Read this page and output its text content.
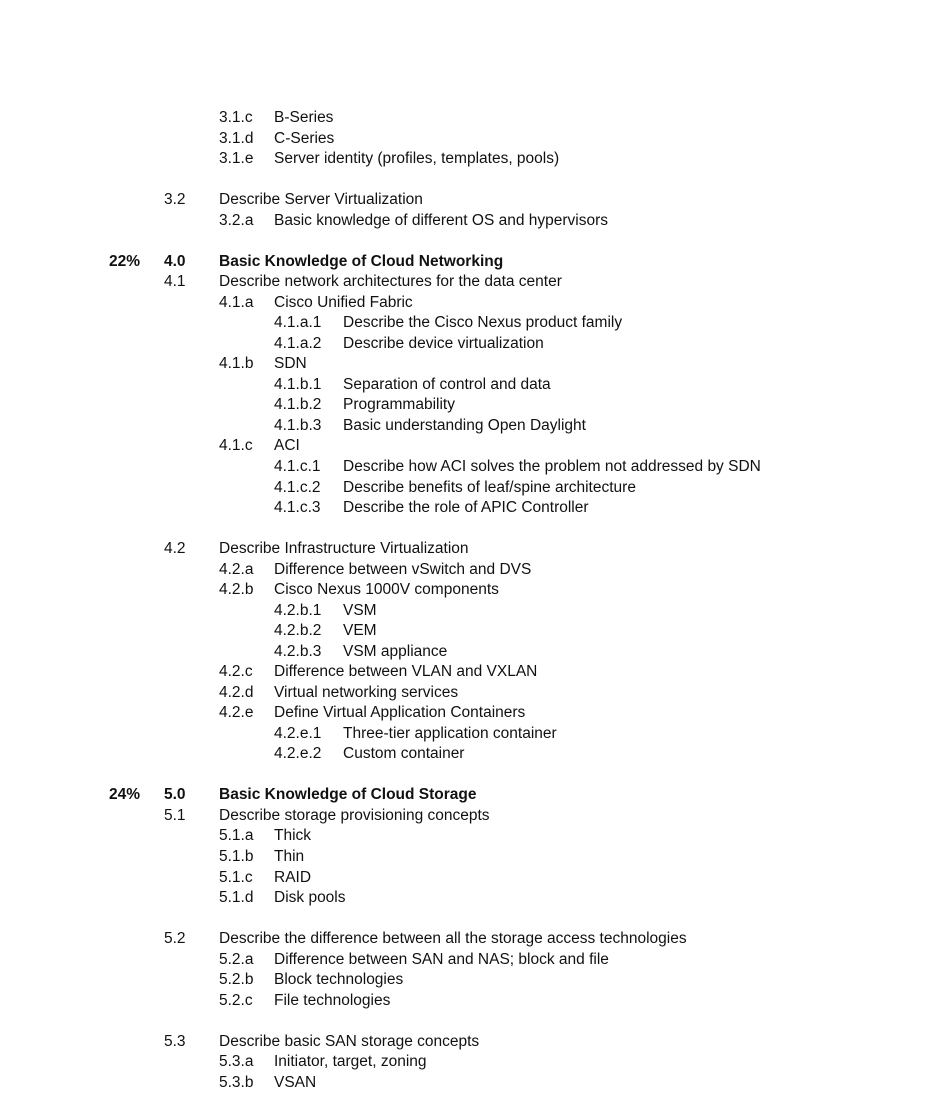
3.1.c B-Series
3.1.d C-Series
3.1.e Server identity (profiles, templates, pools)
3.2 Describe Server Virtualization
3.2.a Basic knowledge of different OS and hypervisors
22% 4.0 Basic Knowledge of Cloud Networking
4.1 Describe network architectures for the data center
4.1.a Cisco Unified Fabric
4.1.a.1 Describe the Cisco Nexus product family
4.1.a.2 Describe device virtualization
4.1.b SDN
4.1.b.1 Separation of control and data
4.1.b.2 Programmability
4.1.b.3 Basic understanding Open Daylight
4.1.c ACI
4.1.c.1 Describe how ACI solves the problem not addressed by SDN
4.1.c.2 Describe benefits of leaf/spine architecture
4.1.c.3 Describe the role of APIC Controller
4.2 Describe Infrastructure Virtualization
4.2.a Difference between vSwitch and DVS
4.2.b Cisco Nexus 1000V components
4.2.b.1 VSM
4.2.b.2 VEM
4.2.b.3 VSM appliance
4.2.c Difference between VLAN and VXLAN
4.2.d Virtual networking services
4.2.e Define Virtual Application Containers
4.2.e.1 Three-tier application container
4.2.e.2 Custom container
24% 5.0 Basic Knowledge of Cloud Storage
5.1 Describe storage provisioning concepts
5.1.a Thick
5.1.b Thin
5.1.c RAID
5.1.d Disk pools
5.2 Describe the difference between all the storage access technologies
5.2.a Difference between SAN and NAS; block and file
5.2.b Block technologies
5.2.c File technologies
5.3 Describe basic SAN storage concepts
5.3.a Initiator, target, zoning
5.3.b VSAN
